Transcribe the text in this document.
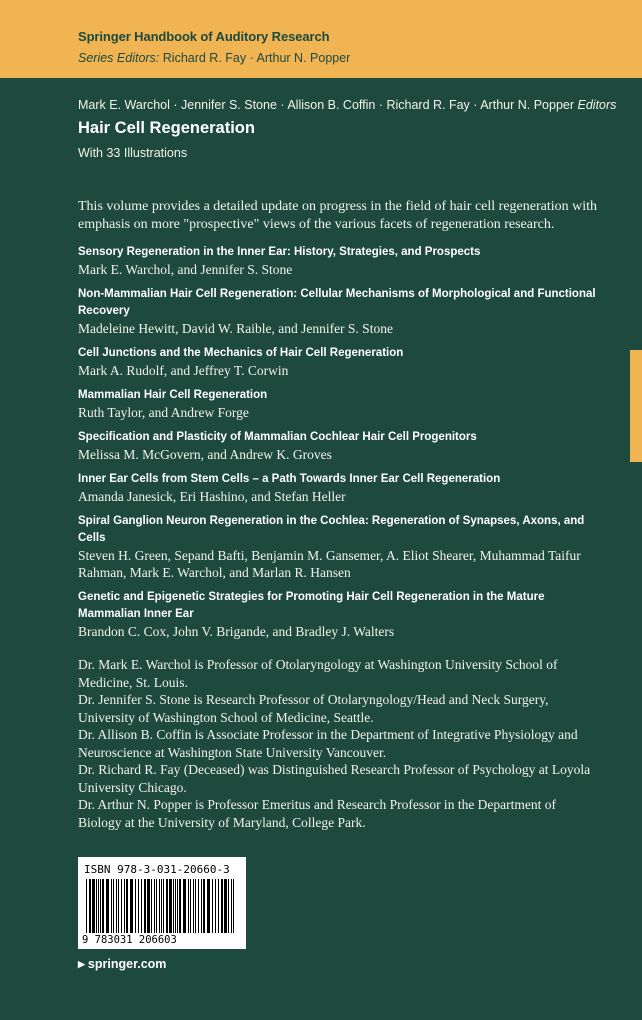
Springer Handbook of Auditory Research
Series Editors: Richard R. Fay · Arthur N. Popper
Mark E. Warchol · Jennifer S. Stone · Allison B. Coffin · Richard R. Fay · Arthur N. Popper Editors
Hair Cell Regeneration
With 33 Illustrations

This volume provides a detailed update on progress in the field of hair cell regeneration with emphasis on more "prospective" views of the various facets of regeneration research.

Sensory Regeneration in the Inner Ear: History, Strategies, and Prospects
Mark E. Warchol, and Jennifer S. Stone
Non-Mammalian Hair Cell Regeneration: Cellular Mechanisms of Morphological and Functional Recovery
Madeleine Hewitt, David W. Raible, and Jennifer S. Stone
Cell Junctions and the Mechanics of Hair Cell Regeneration
Mark A. Rudolf, and Jeffrey T. Corwin
Mammalian Hair Cell Regeneration
Ruth Taylor, and Andrew Forge
Specification and Plasticity of Mammalian Cochlear Hair Cell Progenitors
Melissa M. McGovern, and Andrew K. Groves
Inner Ear Cells from Stem Cells – a Path Towards Inner Ear Cell Regeneration
Amanda Janesick, Eri Hashino, and Stefan Heller
Spiral Ganglion Neuron Regeneration in the Cochlea: Regeneration of Synapses, Axons, and Cells
Steven H. Green, Sepand Bafti, Benjamin M. Gansemer, A. Eliot Shearer, Muhammad Taifur Rahman, Mark E. Warchol, and Marlan R. Hansen
Genetic and Epigenetic Strategies for Promoting Hair Cell Regeneration in the Mature Mammalian Inner Ear
Brandon C. Cox, John V. Brigande, and Bradley J. Walters

Dr. Mark E. Warchol is Professor of Otolaryngology at Washington University School of Medicine, St. Louis.

Dr. Jennifer S. Stone is Research Professor of Otolaryngology/Head and Neck Surgery, University of Washington School of Medicine, Seattle.

Dr. Allison B. Coffin is Associate Professor in the Department of Integrative Physiology and Neuroscience at Washington State University Vancouver.

Dr. Richard R. Fay (Deceased) was Distinguished Research Professor of Psychology at Loyola University Chicago.

Dr. Arthur N. Popper is Professor Emeritus and Research Professor in the Department of Biology at the University of Maryland, College Park.

ISBN 978-3-031-20660-3
9 783031 206603
▶ springer.com
